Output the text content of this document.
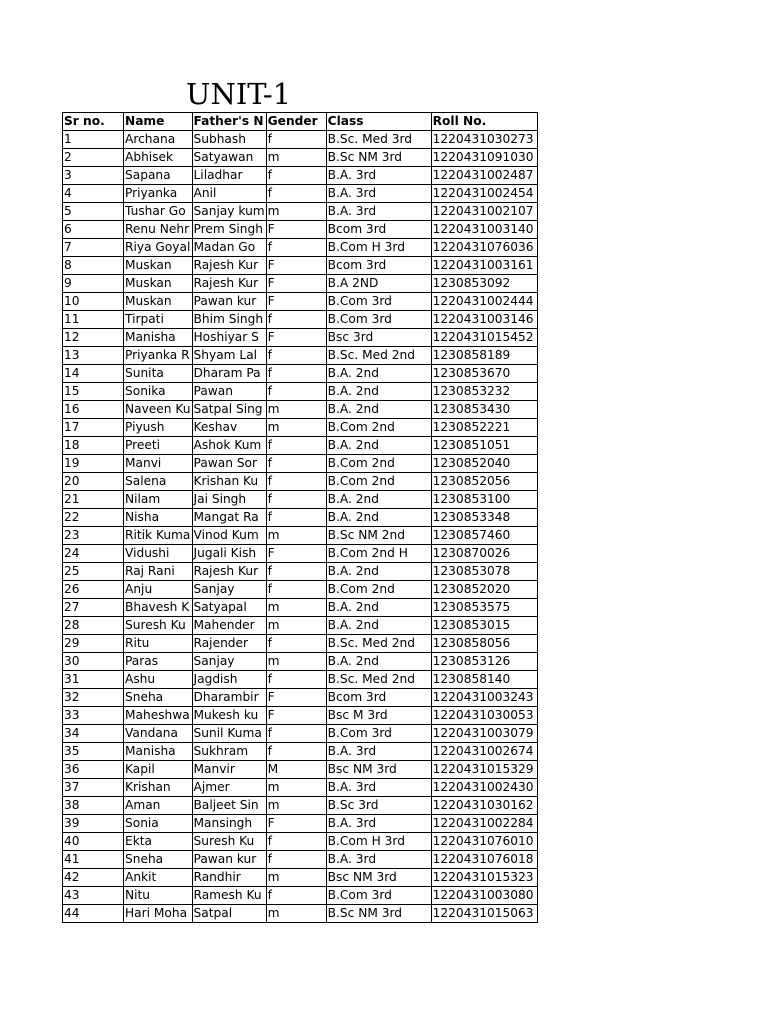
UNIT-1
Sr no.	Name	Father's N	Gender	Class	Roll No.
1	Archana	Subhash	f	B.Sc. Med 3rd	1220431030273
2	Abhisek	Satyawan	m	B.Sc NM 3rd	1220431091030
3	Sapana	Liladhar	f	B.A. 3rd	1220431002487
4	Priyanka	Anil	f	B.A. 3rd	1220431002454
5	Tushar Go	Sanjay kum	m	B.A. 3rd	1220431002107
6	Renu Nehr	Prem Singh	F	Bcom 3rd	1220431003140
7	Riya Goyal	Madan Go	f	B.Com H 3rd	1220431076036
8	Muskan	Rajesh Kur	F	Bcom 3rd	1220431003161
9	Muskan	Rajesh Kur	F	B.A 2ND	1230853092
10	Muskan	Pawan kur	F	B.Com 3rd	1220431002444
11	Tirpati	Bhim Singh	f	B.Com 3rd	1220431003146
12	Manisha	Hoshiyar S	F	Bsc 3rd	1220431015452
13	Priyanka R	Shyam Lal	f	B.Sc. Med 2nd	1230858189
14	Sunita	Dharam Pa	f	B.A. 2nd	1230853670
15	Sonika	Pawan	f	B.A. 2nd	1230853232
16	Naveen Ku	Satpal Sing	m	B.A. 2nd	1230853430
17	Piyush	Keshav	m	B.Com 2nd	1230852221
18	Preeti	Ashok Kum	f	B.A. 2nd	1230851051
19	Manvi	Pawan Sor	f	B.Com 2nd	1230852040
20	Salena	Krishan Ku	f	B.Com 2nd	1230852056
21	Nilam	Jai Singh	f	B.A. 2nd	1230853100
22	Nisha	Mangat Ra	f	B.A. 2nd	1230853348
23	Ritik Kuma	Vinod Kum	m	B.Sc NM 2nd	1230857460
24	Vidushi	Jugali Kish	F	B.Com 2nd H	1230870026
25	Raj Rani	Rajesh Kur	f	B.A. 2nd	1230853078
26	Anju	Sanjay	f	B.Com 2nd	1230852020
27	Bhavesh K	Satyapal	m	B.A. 2nd	1230853575
28	Suresh Ku	Mahender	m	B.A. 2nd	1230853015
29	Ritu	Rajender	f	B.Sc. Med 2nd	1230858056
30	Paras	Sanjay	m	B.A. 2nd	1230853126
31	Ashu	Jagdish	f	B.Sc. Med 2nd	1230858140
32	Sneha	Dharambir	F	Bcom 3rd	1220431003243
33	Maheshwa	Mukesh ku	F	Bsc M 3rd	1220431030053
34	Vandana	Sunil Kuma	f	B.Com 3rd	1220431003079
35	Manisha	Sukhram	f	B.A. 3rd	1220431002674
36	Kapil	Manvir	M	Bsc NM 3rd	1220431015329
37	Krishan	Ajmer	m	B.A. 3rd	1220431002430
38	Aman	Baljeet Sin	m	B.Sc 3rd	1220431030162
39	Sonia	Mansingh	F	B.A. 3rd	1220431002284
40	Ekta	Suresh Ku	f	B.Com H 3rd	1220431076010
41	Sneha	Pawan kur	f	B.A. 3rd	1220431076018
42	Ankit	Randhir	m	Bsc NM 3rd	1220431015323
43	Nitu	Ramesh Ku	f	B.Com 3rd	1220431003080
44	Hari Moha	Satpal	m	B.Sc NM 3rd	1220431015063
